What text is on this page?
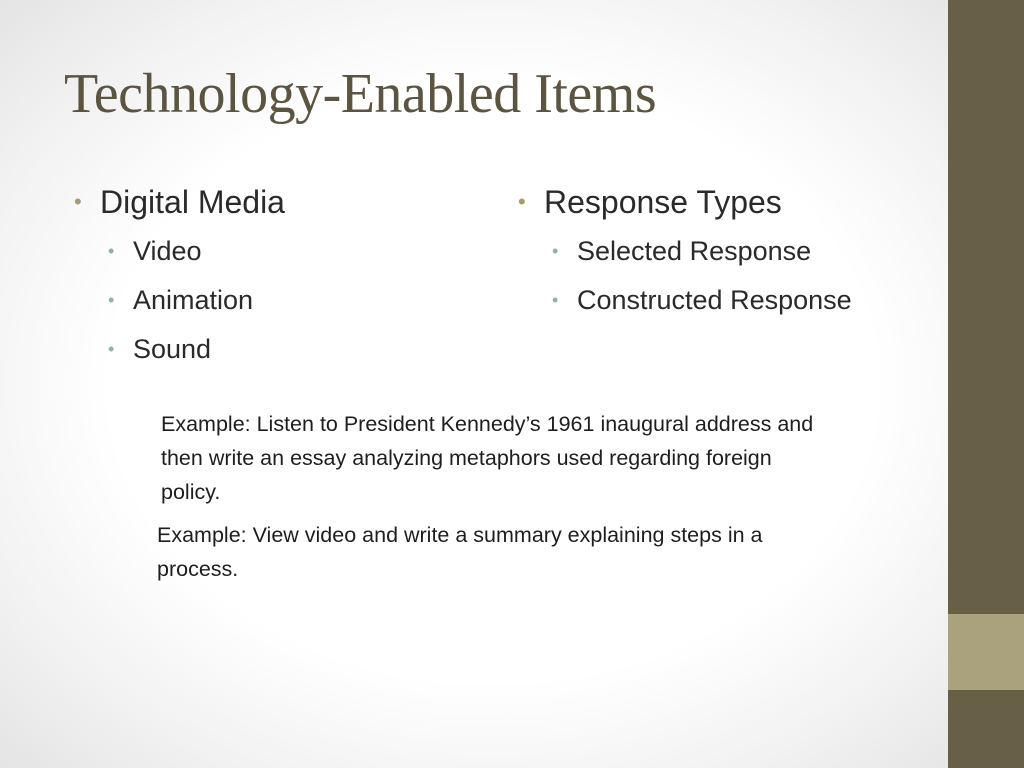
Technology-Enabled Items
• Digital Media
• Video
• Animation
• Sound
• Response Types
• Selected Response
• Constructed Response

Example: Listen to President Kennedy’s 1961 inaugural address and then write an essay analyzing metaphors used regarding foreign policy.

Example: View video and write a summary explaining steps in a process.
